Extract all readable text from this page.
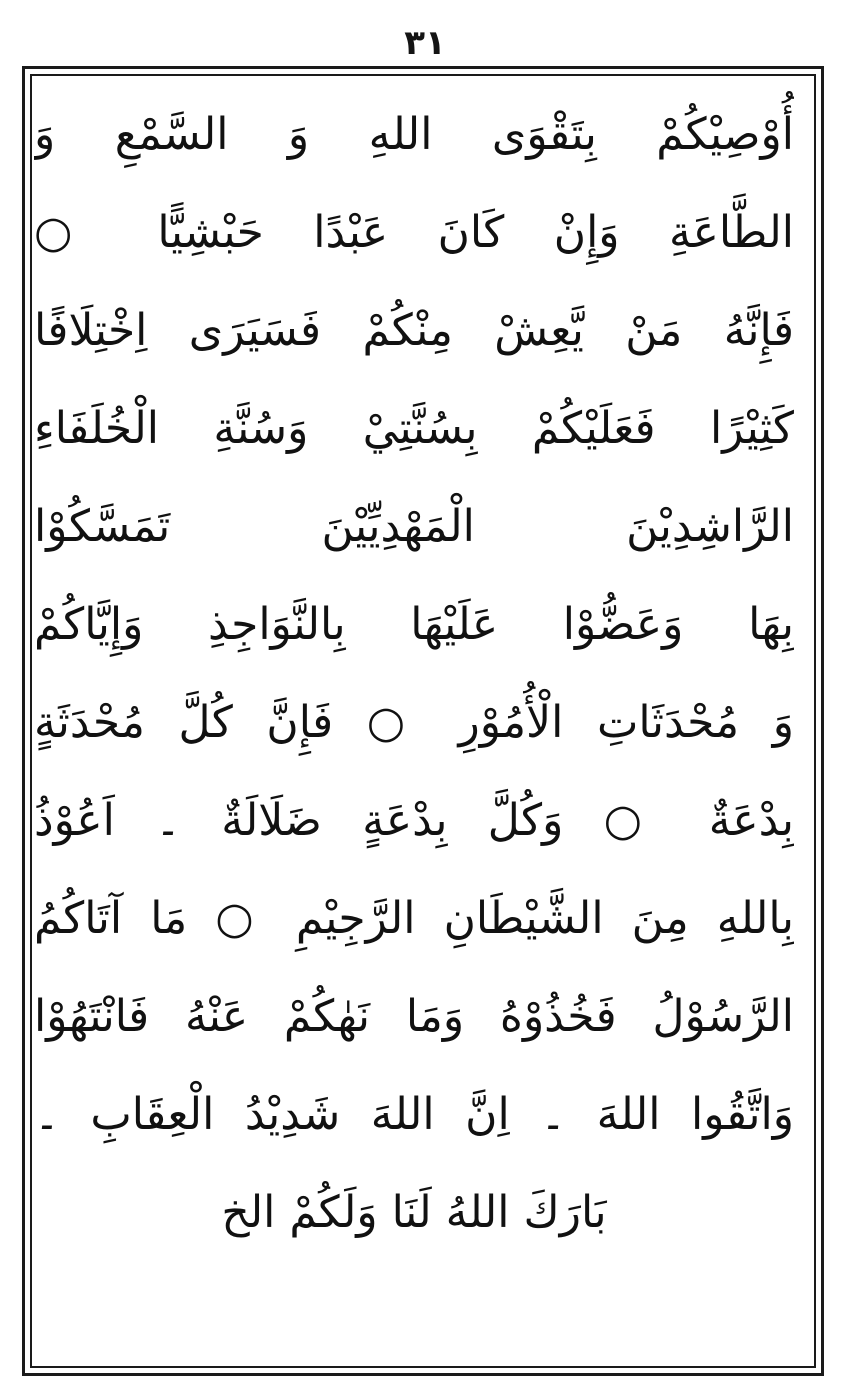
۳۱
أُوْصِيْكُمْ بِتَقْوَى اللهِ وَ السَّمْعِ وَ
الطَّاعَةِ وَإِنْ كَانَ عَبْدًا حَبْشِيًّا ○
فَإِنَّهُ مَنْ يَّعِشْ مِنْكُمْ فَسَيَرَى اِخْتِلَافًا
كَثِيْرًا فَعَلَيْكُمْ بِسُنَّتِيْ وَسُنَّةِ الْخُلَفَاءِ
الرَّاشِدِيْنَ الْمَهْدِيِّيْنَ تَمَسَّكُوْا
بِهَا وَعَضُّوْا عَلَيْهَا بِالنَّوَاجِذِ وَإِيَّاكُمْ
وَ مُحْدَثَاتِ الْأُمُوْرِ ○ فَإِنَّ كُلَّ مُحْدَثَةٍ
بِدْعَةٌ ○ وَكُلَّ بِدْعَةٍ ضَلَالَةٌ ۔ اَعُوْذُ
بِاللهِ مِنَ الشَّيْطَانِ الرَّجِيْمِ ○ مَا آتَاكُمُ
الرَّسُوْلُ فَخُذُوْهُ وَمَا نَهٰكُمْ عَنْهُ فَانْتَهُوْا
وَاتَّقُوا اللهَ ۔ اِنَّ اللهَ شَدِيْدُ الْعِقَابِ ۔
بَارَكَ اللهُ لَنَا وَلَكُمْ الخ
